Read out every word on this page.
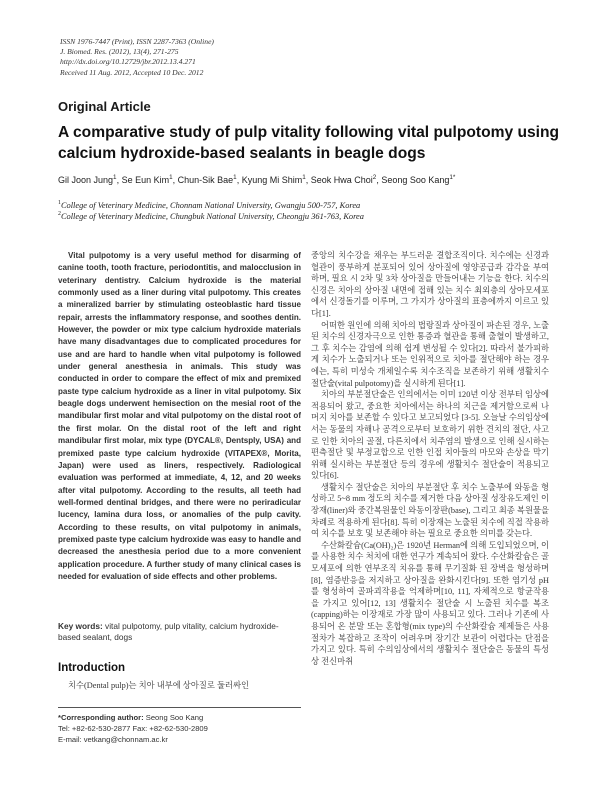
ISSN 1976-7447 (Print), ISSN 2287-7363 (Online)
J. Biomed. Res. (2012), 13(4), 271-275
http://dx.doi.org/10.12729/jbr.2012.13.4.271
Received 11 Aug. 2012, Accepted 10 Dec. 2012
Original Article
A comparative study of pulp vitality following vital pulpotomy using calcium hydroxide-based sealants in beagle dogs
Gil Joon Jung$^1$, Se Eun Kim$^1$, Chun-Sik Bae$^1$, Kyung Mi Shim$^1$, Seok Hwa Choi$^2$, Seong Soo Kang$^{1*}$
$^1$College of Veterinary Medicine, Chonnam National University, Gwangju 500-757, Korea
$^2$College of Veterinary Medicine, Chungbuk National University, Cheongju 361-763, Korea
Vital pulpotomy is a very useful method for disarming of canine tooth, tooth fracture, periodontitis, and malocclusion in veterinary dentistry. Calcium hydroxide is the material commonly used as a liner during vital pulpotomy. This creates a mineralized barrier by stimulating osteoblastic hard tissue repair, arrests the inflammatory response, and soothes dentin. However, the powder or mix type calcium hydroxide materials have many disadvantages due to complicated procedures for use and are hard to handle when vital pulpotomy is followed under general anesthesia in animals. This study was conducted in order to compare the effect of mix and premixed paste type calcium hydroxide as a liner in vital pulpotomy. Six beagle dogs underwent hemisection on the mesial root of the mandibular first molar and vital pulpotomy on the distal root of the first molar. On the distal root of the left and right mandibular first molar, mix type (DYCAL®, Dentsply, USA) and premixed paste type calcium hydroxide (VITAPEX®, Morita, Japan) were used as liners, respectively. Radiological evaluation was performed at immediate, 4, 12, and 20 weeks after vital pulpotomy. According to the results, all teeth had well-formed dentinal bridges, and there were no periradicular lucency, lamina dura loss, or anomalies of the pulp cavity. According to these results, on vital pulpotomy in animals, premixed paste type calcium hydroxide was easy to handle and decreased the anesthesia period due to a more convenient application procedure. A further study of many clinical cases is needed for evaluation of side effects and other problems.
Key words: vital pulpotomy, pulp vitality, calcium hydroxide-based sealant, dogs
Introduction
치수(Dental pulp)는 치아 내부에 상아질로 둘러싸인
*Corresponding author: Seong Soo Kang
Tel: +82-62-530-2877 Fax: +82-62-530-2809
E-mail: vetkang@chonnam.ac.kr

중앙의 치수강을 채우는 부드러운 결합조직이다. 치수에는 신경과 혈관이 풍부하게 분포되어 있어 상아질에 영양공급과 감각을 부여하며, 필요 시 2차 및 3차 상아질을 만들어내는 기능을 한다. 치수의 신경은 치아의 상아질 내면에 접해 있는 치수 최외층의 상아모세포에서 신경돌기를 이루며, 그 가지가 상아질의 표층에까지 이르고 있다[1].

어떠한 원인에 의해 치아의 법랑질과 상아질이 파손된 경우, 노출된 치수의 신경자극으로 인한 통증과 혈관을 통해 출혈이 발생하고, 그 후 치수는 감염에 의해 쉽게 변성될 수 있다[2]. 따라서 불가피하게 치수가 노출되거나 또는 인위적으로 치아를 절단해야 하는 경우에는, 특히 미성숙 개체일수록 치수조직을 보존하기 위해 생활치수 절단술(vital pulpotomy)을 실시하게 된다[1].

치아의 부분절단술은 인의에서는 이미 120년 이상 전부터 임상에 적용되어 왔고, 중요한 치아에서는 하나의 치근을 제거함으로써 나머지 치아를 보존할 수 있다고 보고되었다 [3-5]. 오늘날 수의임상에서는 동물의 자해나 공격으로부터 보호하기 위한 견치의 절단, 사고로 인한 치아의 골절, 다른치에서 치주염의 발생으로 인해 실시하는 편측절단 및 부정교합으로 인한 인접 치아들의 마모와 손상을 막기 위해 실시하는 부분절단 등의 경우에 생활치수 절단술이 적용되고 있다[6].

생활치수 절단술은 치아의 부분절단 후 치수 노출부에 와동을 형성하고 5~8 mm 정도의 치수를 제거한 다음 상아질 성장유도제인 이장재(liner)와 중간복원물인 와동이장판(base), 그리고 최종 복원물을 차례로 적용하게 된다[8]. 특히 이장재는 노출된 치수에 직접 작용하여 치수를 보호 및 보존해야 하는 필요로 중요한 의미를 갖는다.

수산화칼슘(Ca(OH)₂)은 1920년 Herman에 의해 도입되었으며, 이를 사용한 치수 처치에 대한 연구가 계속되어 왔다. 수산화칼슘은 골모세포에 의한 연부조직 치유를 통해 무기질화 된 장벽을 형성하며[8], 염증반응을 저지하고 상아질을 완화시킨다[9]. 또한 염기성 pH를 형성하여 골파괴작용을 억제하며[10, 11], 자체적으로 항균작용을 가지고 있어[12, 13] 생활치수 절단술 시 노출된 치수를 복조(capping)하는 이장재로 가장 많이 사용되고 있다. 그러나 기존에 사용되어 온 분말 또는 혼합형(mix type)의 수산화칼슘 제제들은 사용 절차가 복잡하고 조작이 어려우며 장기간 보관이 어렵다는 단점을 가지고 있다. 특히 수의임상에서의 생활치수 절단술은 동물의 특성상 전신마취
